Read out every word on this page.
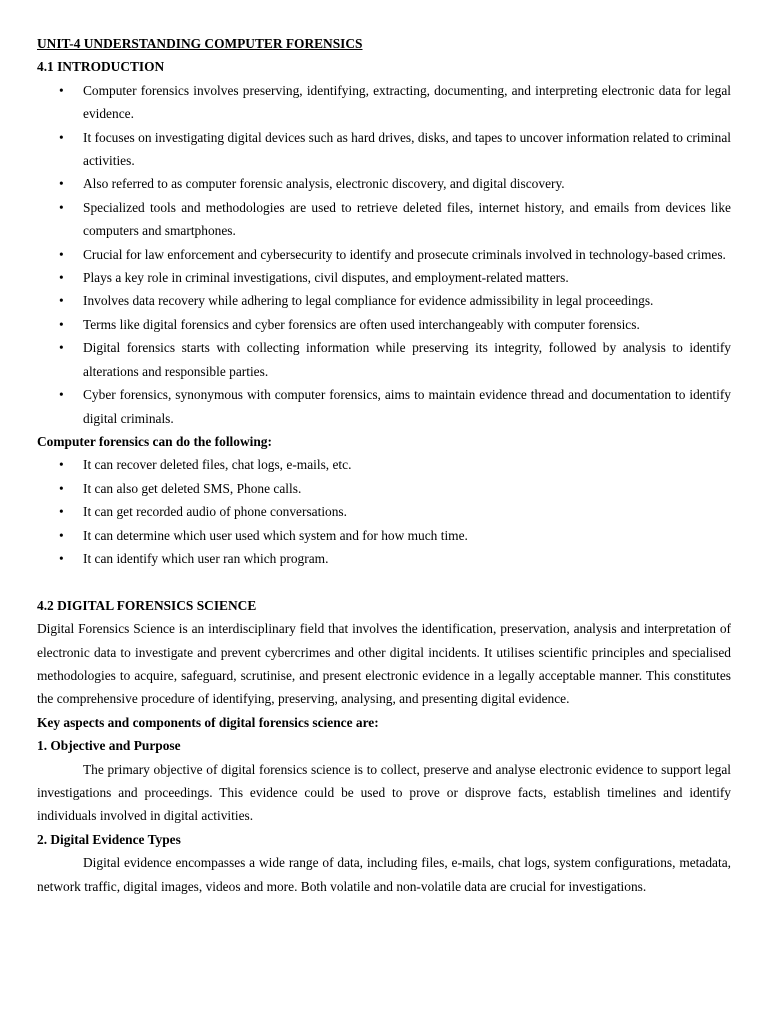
UNIT-4 UNDERSTANDING COMPUTER FORENSICS

4.1 INTRODUCTION

• Computer forensics involves preserving, identifying, extracting, documenting, and interpreting electronic data for legal evidence.
• It focuses on investigating digital devices such as hard drives, disks, and tapes to uncover information related to criminal activities.
• Also referred to as computer forensic analysis, electronic discovery, and digital discovery.
• Specialized tools and methodologies are used to retrieve deleted files, internet history, and emails from devices like computers and smartphones.
• Crucial for law enforcement and cybersecurity to identify and prosecute criminals involved in technology-based crimes.
• Plays a key role in criminal investigations, civil disputes, and employment-related matters.
• Involves data recovery while adhering to legal compliance for evidence admissibility in legal proceedings.
• Terms like digital forensics and cyber forensics are often used interchangeably with computer forensics.
• Digital forensics starts with collecting information while preserving its integrity, followed by analysis to identify alterations and responsible parties.
• Cyber forensics, synonymous with computer forensics, aims to maintain evidence thread and documentation to identify digital criminals.

Computer forensics can do the following:

• It can recover deleted files, chat logs, e-mails, etc.
• It can also get deleted SMS, Phone calls.
• It can get recorded audio of phone conversations.
• It can determine which user used which system and for how much time.
• It can identify which user ran which program.

4.2 DIGITAL FORENSICS SCIENCE

Digital Forensics Science is an interdisciplinary field that involves the identification, preservation, analysis and interpretation of electronic data to investigate and prevent cybercrimes and other digital incidents. It utilises scientific principles and specialised methodologies to acquire, safeguard, scrutinise, and present electronic evidence in a legally acceptable manner. This constitutes the comprehensive procedure of identifying, preserving, analysing, and presenting digital evidence.

Key aspects and components of digital forensics science are:

1. Objective and Purpose

The primary objective of digital forensics science is to collect, preserve and analyse electronic evidence to support legal investigations and proceedings. This evidence could be used to prove or disprove facts, establish timelines and identify individuals involved in digital activities.

2. Digital Evidence Types

Digital evidence encompasses a wide range of data, including files, e-mails, chat logs, system configurations, metadata, network traffic, digital images, videos and more. Both volatile and non-volatile data are crucial for investigations.
